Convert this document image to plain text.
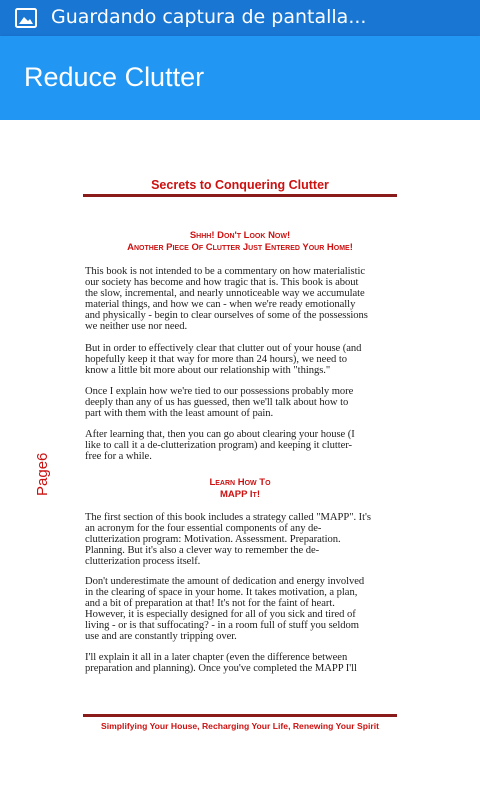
Guardando captura de pantalla...
Reduce Clutter
Secrets to Conquering Clutter
Shhh! Don't Look Now!
Another Piece Of Clutter Just Entered Your Home!
This book is not intended to be a commentary on how materialistic
our society has become and how tragic that is. This book is about
the slow, incremental, and nearly unnoticeable way we accumulate
material things, and how we can - when we're ready emotionally
and physically - begin to clear ourselves of some of the possessions
we neither use nor need.
But in order to effectively clear that clutter out of your house (and
hopefully keep it that way for more than 24 hours), we need to
know a little bit more about our relationship with "things."
Once I explain how we're tied to our possessions probably more
deeply than any of us has guessed, then we'll talk about how to
part with them with the least amount of pain.
After learning that, then you can go about clearing your house (I
like to call it a de-clutterization program) and keeping it clutter-
free for a while.
Page6	Learn How To
MAPP It!
The first section of this book includes a strategy called "MAPP". It's
an acronym for the four essential components of any de-
clutterization program: Motivation. Assessment. Preparation.
Planning. But it's also a clever way to remember the de-
clutterization process itself.
Don't underestimate the amount of dedication and energy involved
in the clearing of space in your home. It takes motivation, a plan,
and a bit of preparation at that! It's not for the faint of heart.
However, it is especially designed for all of you sick and tired of
living - or is that suffocating? - in a room full of stuff you seldom
use and are constantly tripping over.
I'll explain it all in a later chapter (even the difference between
preparation and planning). Once you've completed the MAPP I'll
Simplifying Your House, Recharging Your Life, Renewing Your Spirit
